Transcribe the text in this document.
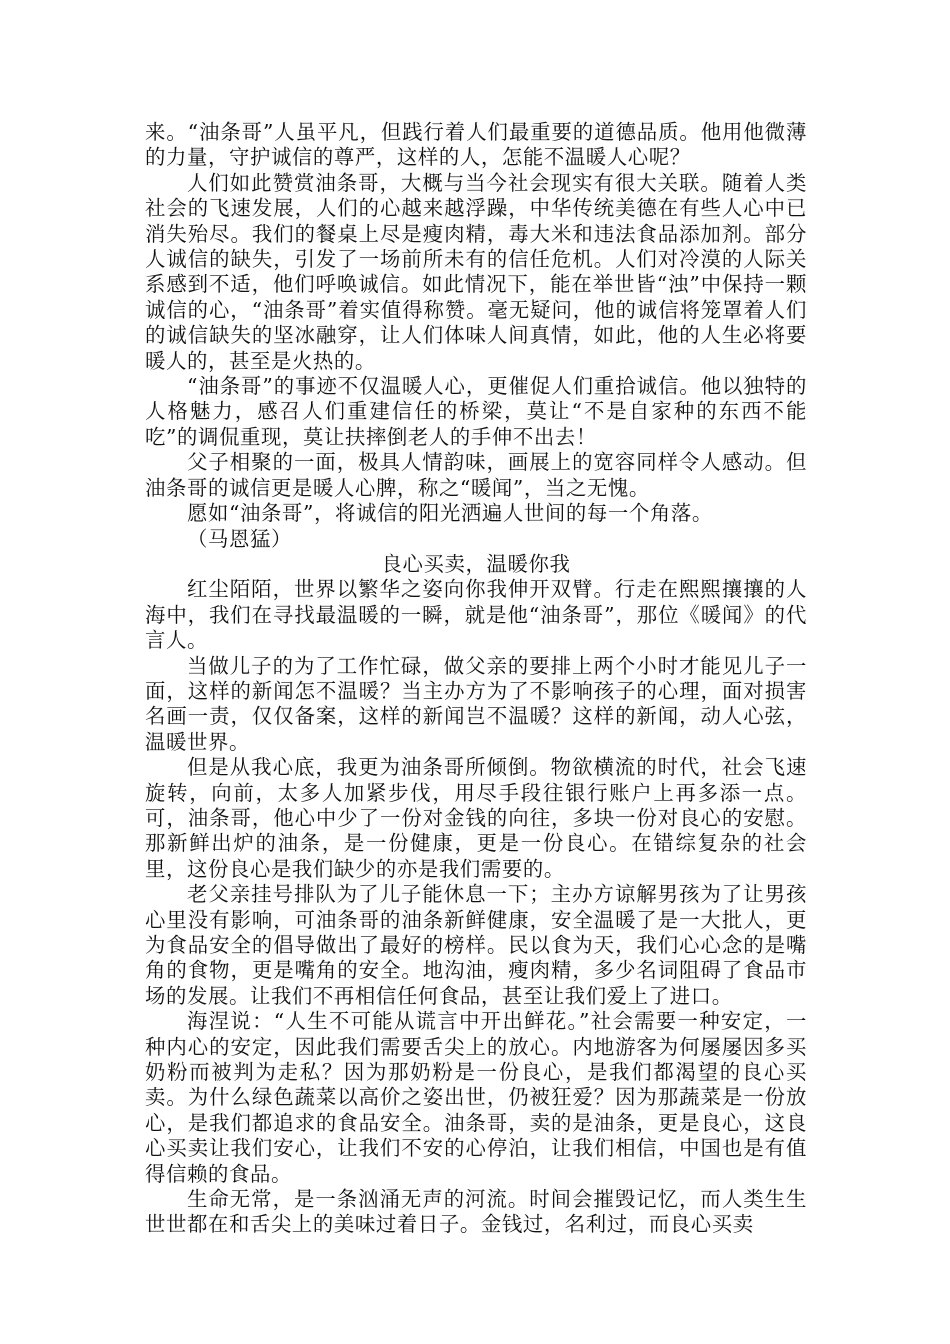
来。“油条哥”人虽平凡，但践行着人们最重要的道德品质。他用他微薄的力量，守护诚信的尊严，这样的人，怎能不温暖人心呢？

人们如此赞赏油条哥，大概与当今社会现实有很大关联。随着人类社会的飞速发展，人们的心越来越浮躁，中华传统美德在有些人心中已消失殆尽。我们的餐桌上尽是瘦肉精，毒大米和违法食品添加剂。部分人诚信的缺失，引发了一场前所未有的信任危机。人们对冷漠的人际关系感到不适，他们呼唤诚信。如此情况下，能在举世皆“浊”中保持一颗诚信的心，“油条哥”着实值得称赞。毫无疑问，他的诚信将笼罩着人们的诚信缺失的坚冰融穿，让人们体味人间真情，如此，他的人生必将要暖人的，甚至是火热的。

“油条哥”的事迹不仅温暖人心，更催促人们重拾诚信。他以独特的人格魅力，感召人们重建信任的桥梁，莫让“不是自家种的东西不能吃”的调侃重现，莫让扶摔倒老人的手伸不出去！

父子相聚的一面，极具人情韵味，画展上的宽容同样令人感动。但油条哥的诚信更是暖人心脾，称之“暖闻”，当之无愧。

愿如“油条哥”，将诚信的阳光洒遍人世间的每一个角落。

（马恩猛）

良心买卖，温暖你我

红尘陌陌，世界以繁华之姿向你我伸开双臂。行走在熙熙攘攘的人海中，我们在寻找最温暖的一瞬，就是他“油条哥”，那位《暖闻》的代言人。

当做儿子的为了工作忙碌，做父亲的要排上两个小时才能见儿子一面，这样的新闻怎不温暖？当主办方为了不影响孩子的心理，面对损害名画一责，仅仅备案，这样的新闻岂不温暖？这样的新闻，动人心弦，温暖世界。

但是从我心底，我更为油条哥所倾倒。物欲横流的时代，社会飞速旋转，向前，太多人加紧步伐，用尽手段往银行账户上再多添一点。可，油条哥，他心中少了一份对金钱的向往，多块一份对良心的安慰。那新鲜出炉的油条，是一份健康，更是一份良心。在错综复杂的社会里，这份良心是我们缺少的亦是我们需要的。

老父亲挂号排队为了儿子能休息一下；主办方谅解男孩为了让男孩心里没有影响，可油条哥的油条新鲜健康，安全温暖了是一大批人，更为食品安全的倡导做出了最好的榜样。民以食为天，我们心心念的是嘴角的食物，更是嘴角的安全。地沟油，瘦肉精，多少名词阻碍了食品市场的发展。让我们不再相信任何食品，甚至让我们爱上了进口。

海涅说：“人生不可能从谎言中开出鲜花。”社会需要一种安定，一种内心的安定，因此我们需要舌尖上的放心。内地游客为何屡屡因多买奶粉而被判为走私？因为那奶粉是一份良心，是我们都渴望的良心买卖。为什么绿色蔬菜以高价之姿出世，仍被狂爱？因为那蔬菜是一份放心，是我们都追求的食品安全。油条哥，卖的是油条，更是良心，这良心买卖让我们安心，让我们不安的心停泊，让我们相信，中国也是有值得信赖的食品。

生命无常，是一条汹涌无声的河流。时间会摧毁记忆，而人类生生世世都在和舌尖上的美味过着日子。金钱过，名利过，而良心买卖
